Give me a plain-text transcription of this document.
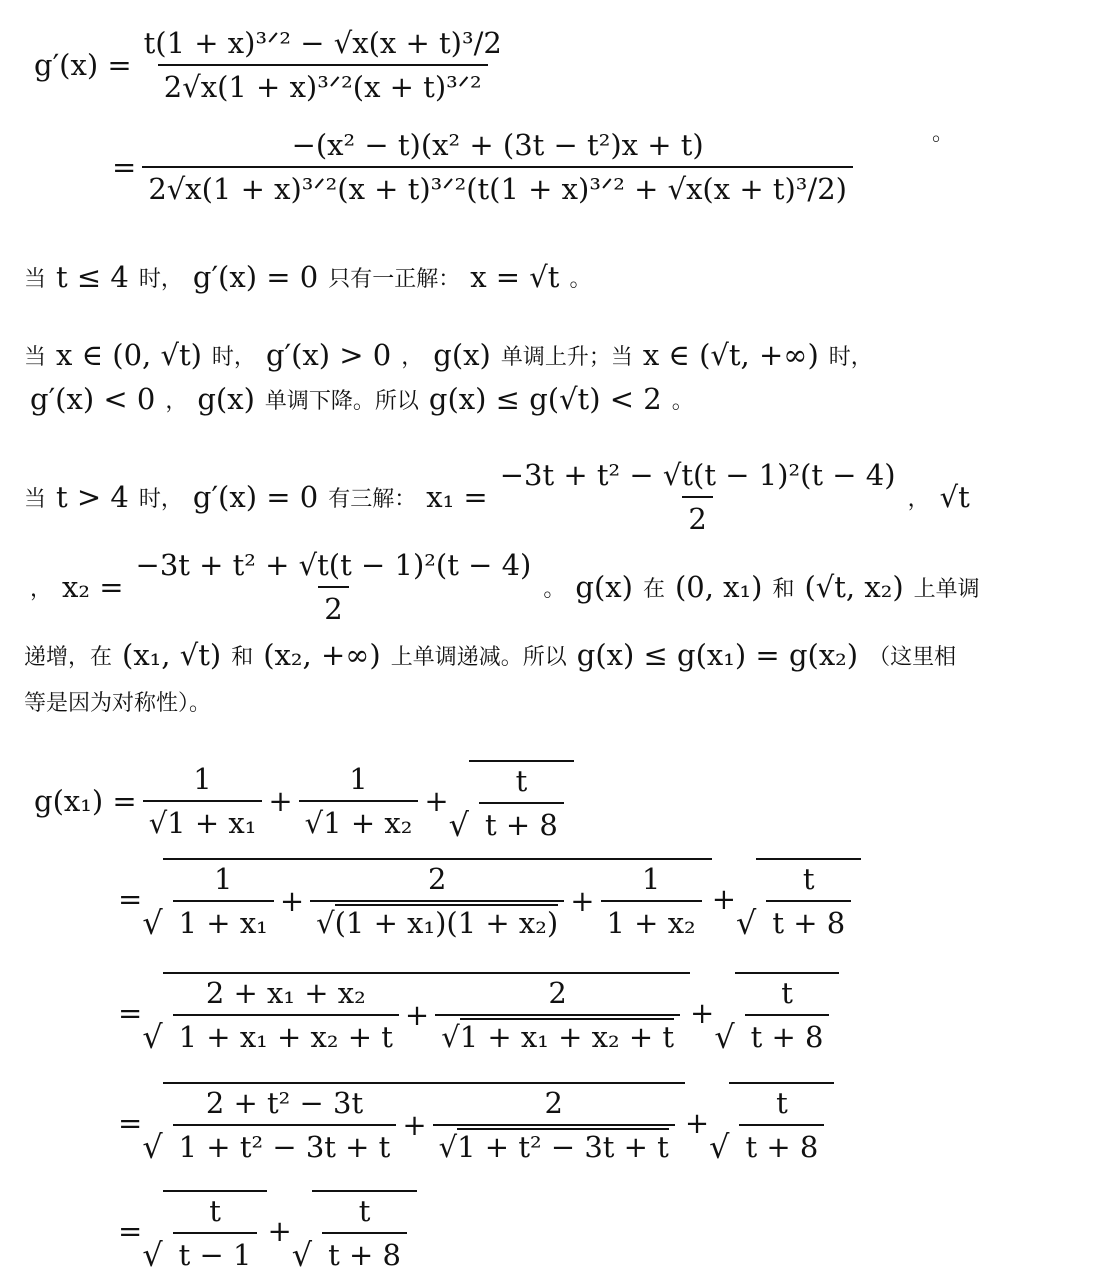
$g'(x) = \frac{\text{t(1 + x)³ᐟ² − √x(x + t)³/2}}{\text{2√x(1 + x)³ᐟ²(x + t)³ᐟ²}}$
= $\frac{\text{−(x² − t)(x² + (3t − t²)x + t)}}{\text{2√x(1 + x)³ᐟ²(x + t)³ᐟ²(t(1 + x)³ᐟ² + √x(x + t)³/2)}}$	。
当 t ≤ 4 时， g′(x) = 0 只有一正解： x = √t 。
当 x ∈ (0, √t) 时， g′(x) > 0 ， g(x) 单调上升；当 x ∈ (√t, +∞) 时，
g′(x) < 0 ， g(x) 单调下降。所以 g(x) ≤ g(√t) < 2 。
当 t > 4 时， g′(x) = 0 有三解： $x_1 = \frac{\text{−3t + t² − √t(t − 1)²(t − 4)}}{2}$ ， √t
， $x_2 = \frac{\text{−3t + t² + √t(t − 1)²(t − 4)}}{2}$ 。 g(x) 在 (0, x₁) 和 (√t, x₂) 上单调
递增，在 (x₁, √t) 和 (x₂, +∞) 上单调递减。所以 g(x) ≤ g(x₁) = g(x₂) （这里相
等是因为对称性）。
$g(x_1) = \frac{1}{\text{√1 + x₁}} + \frac{1}{\text{√1 + x₂}}$ +
√ $\frac{t}{t + 8}$
=
√ $\frac{1}{\text{1 + x₁}} + \frac{2}{\text{√(1 + x₁)(1 + x₂)}} + \frac{1}{\text{1 + x₂}}$ +
√ $\frac{t}{t + 8}$
=
√ $\frac{\text{2 + x₁ + x₂}}{\text{1 + x₁ + x₂ + t}} + \frac{2}{\text{√1 + x₁ + x₂ + t}}$ +
√ $\frac{t}{t + 8}$
=
√ $\frac{\text{2 + t² − 3t}}{\text{1 + t² − 3t + t}} + \frac{2}{\text{√1 + t² − 3t + t}}$ +
√ $\frac{t}{t + 8}$
=
√ $\frac{t}{t - 1}$ +
√ $\frac{t}{t + 8}$
